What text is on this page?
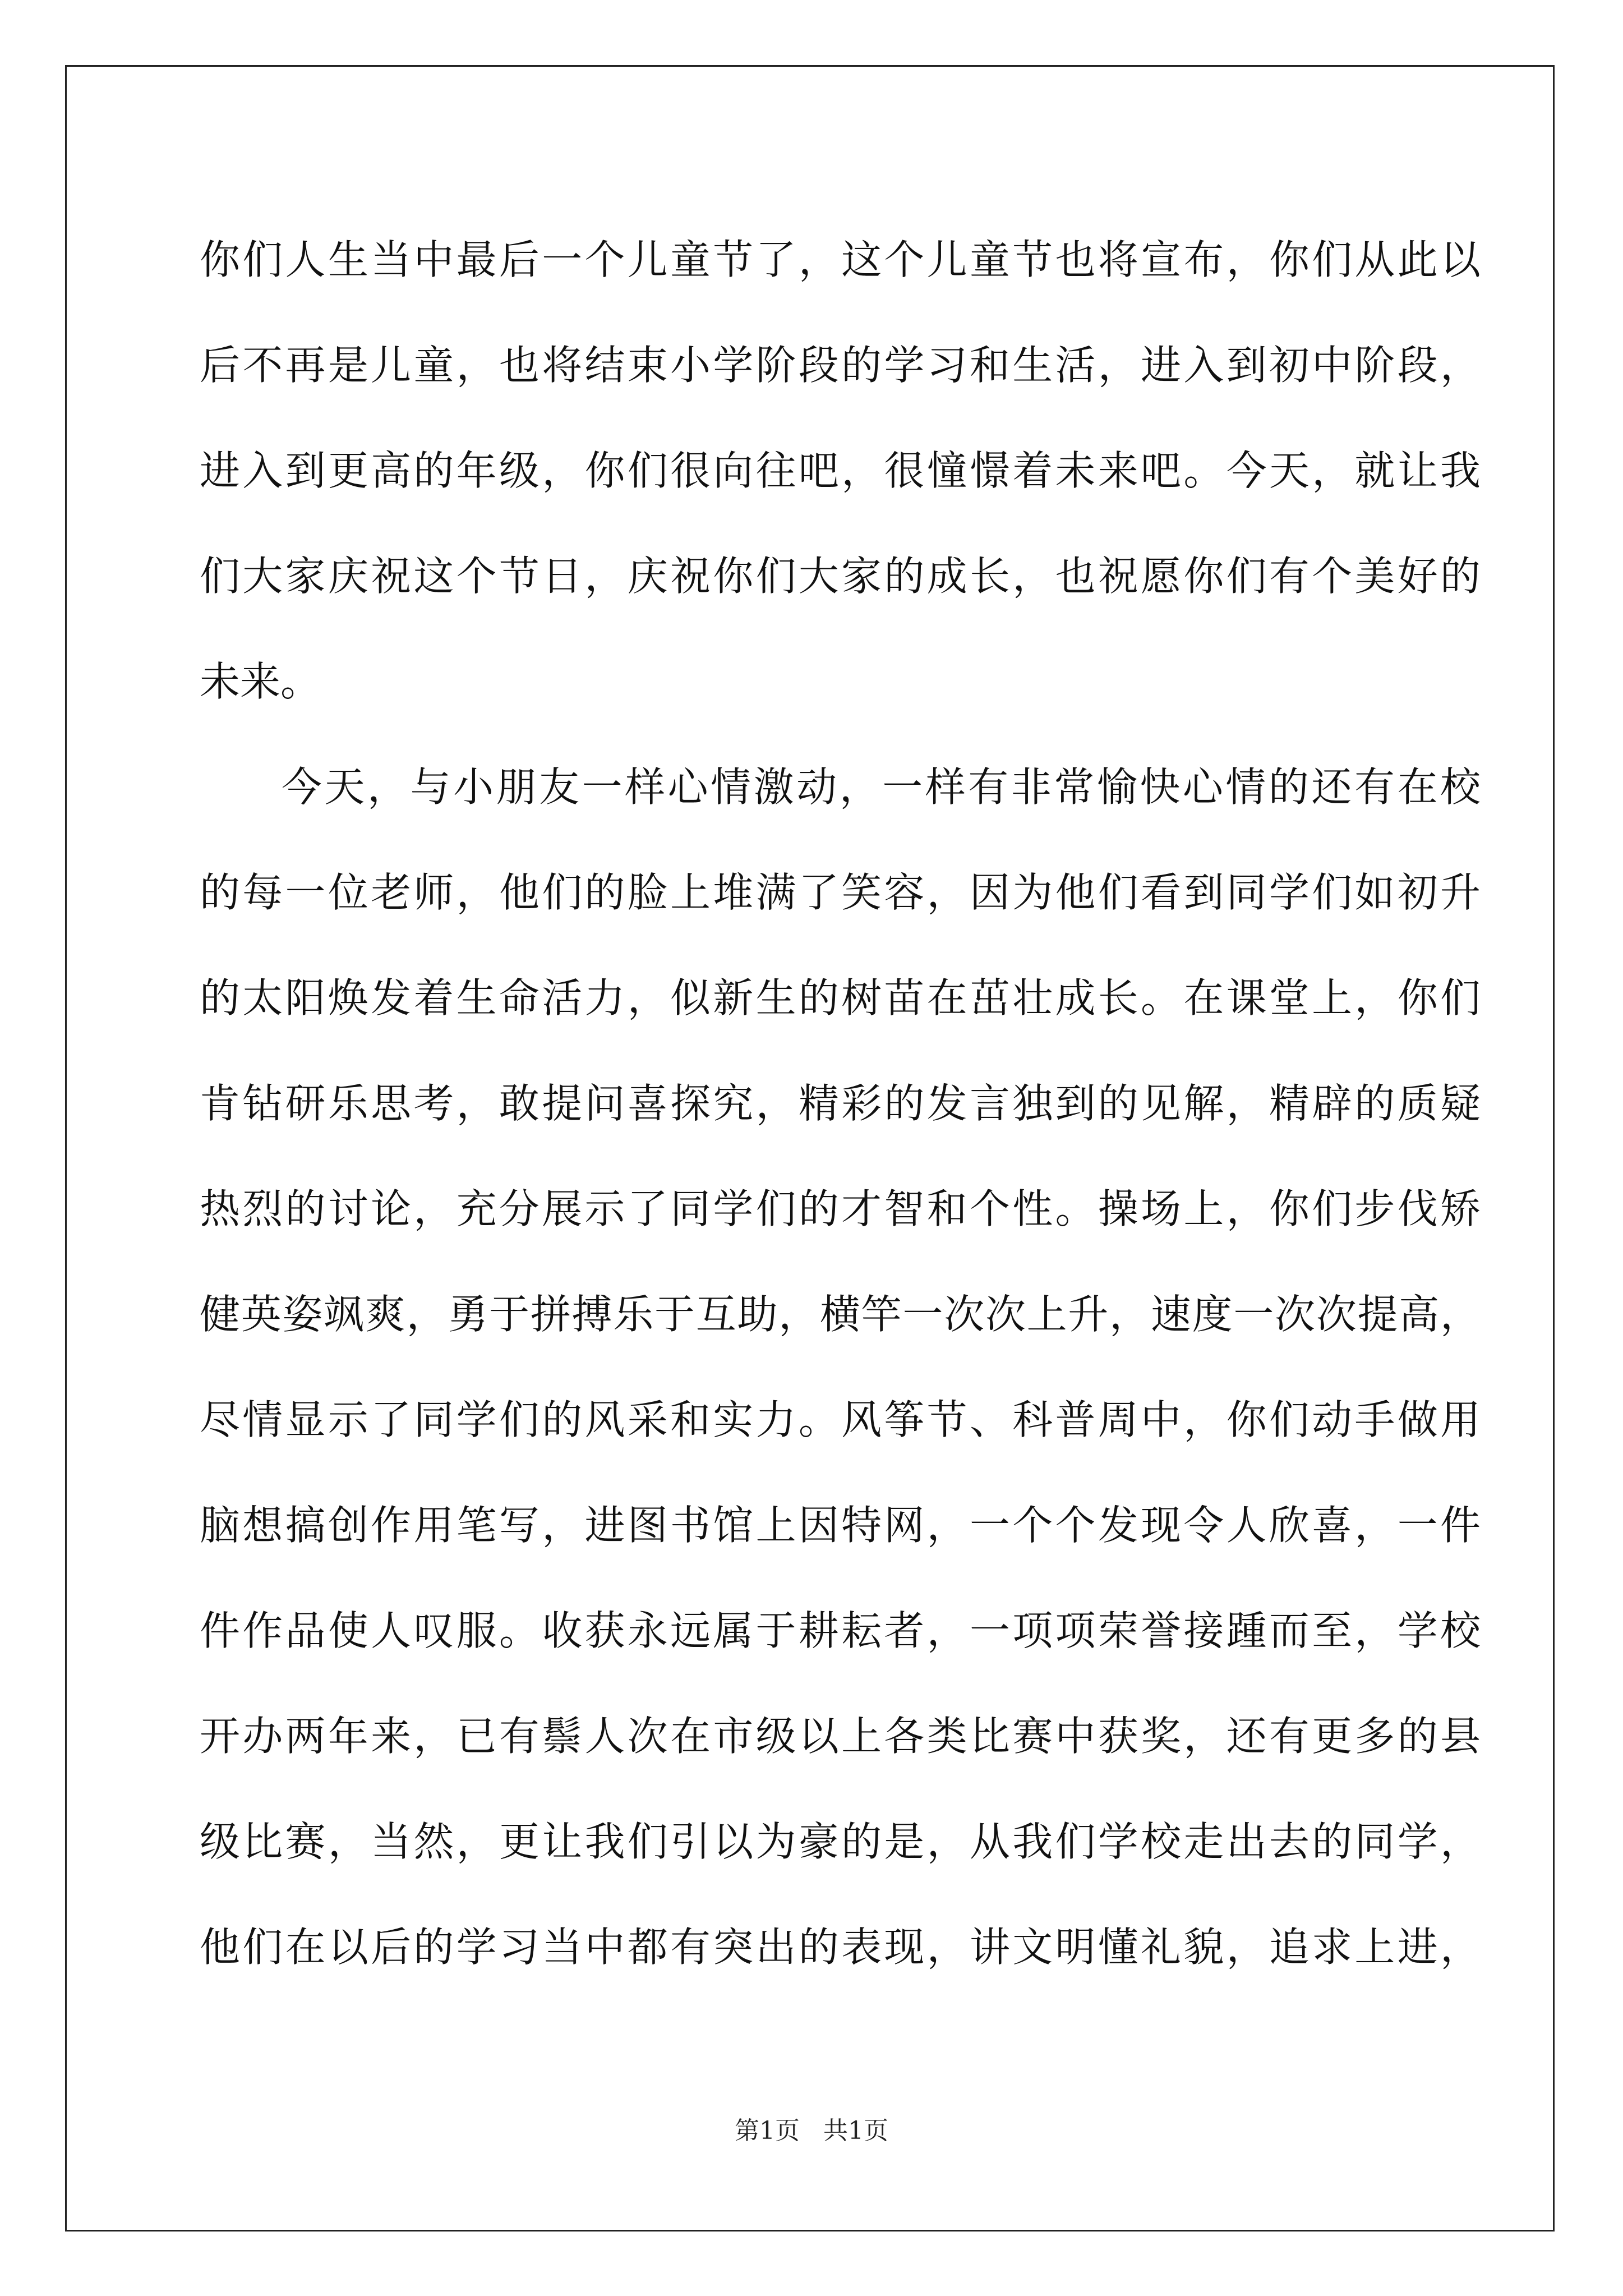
你们人生当中最后一个儿童节了，这个儿童节也将宣布，你们从此以
后不再是儿童，也将结束小学阶段的学习和生活，进入到初中阶段，
进入到更高的年级，你们很向往吧，很憧憬着未来吧。今天，就让我
们大家庆祝这个节日，庆祝你们大家的成长，也祝愿你们有个美好的
未来。
今天，与小朋友一样心情激动，一样有非常愉快心情的还有在校
的每一位老师，他们的脸上堆满了笑容，因为他们看到同学们如初升
的太阳焕发着生命活力，似新生的树苗在茁壮成长。在课堂上，你们
肯钻研乐思考，敢提问喜探究，精彩的发言独到的见解，精辟的质疑
热烈的讨论，充分展示了同学们的才智和个性。操场上，你们步伐矫
健英姿飒爽，勇于拼搏乐于互助，横竿一次次上升，速度一次次提高，
尽情显示了同学们的风采和实力。风筝节、科普周中，你们动手做用
脑想搞创作用笔写，进图书馆上因特网，一个个发现令人欣喜，一件
件作品使人叹服。收获永远属于耕耘者，一项项荣誉接踵而至，学校
开办两年来，已有鬃人次在市级以上各类比赛中获奖，还有更多的县
级比赛，当然，更让我们引以为豪的是，从我们学校走出去的同学，
他们在以后的学习当中都有突出的表现，讲文明懂礼貌，追求上进，
第1页 共1页
